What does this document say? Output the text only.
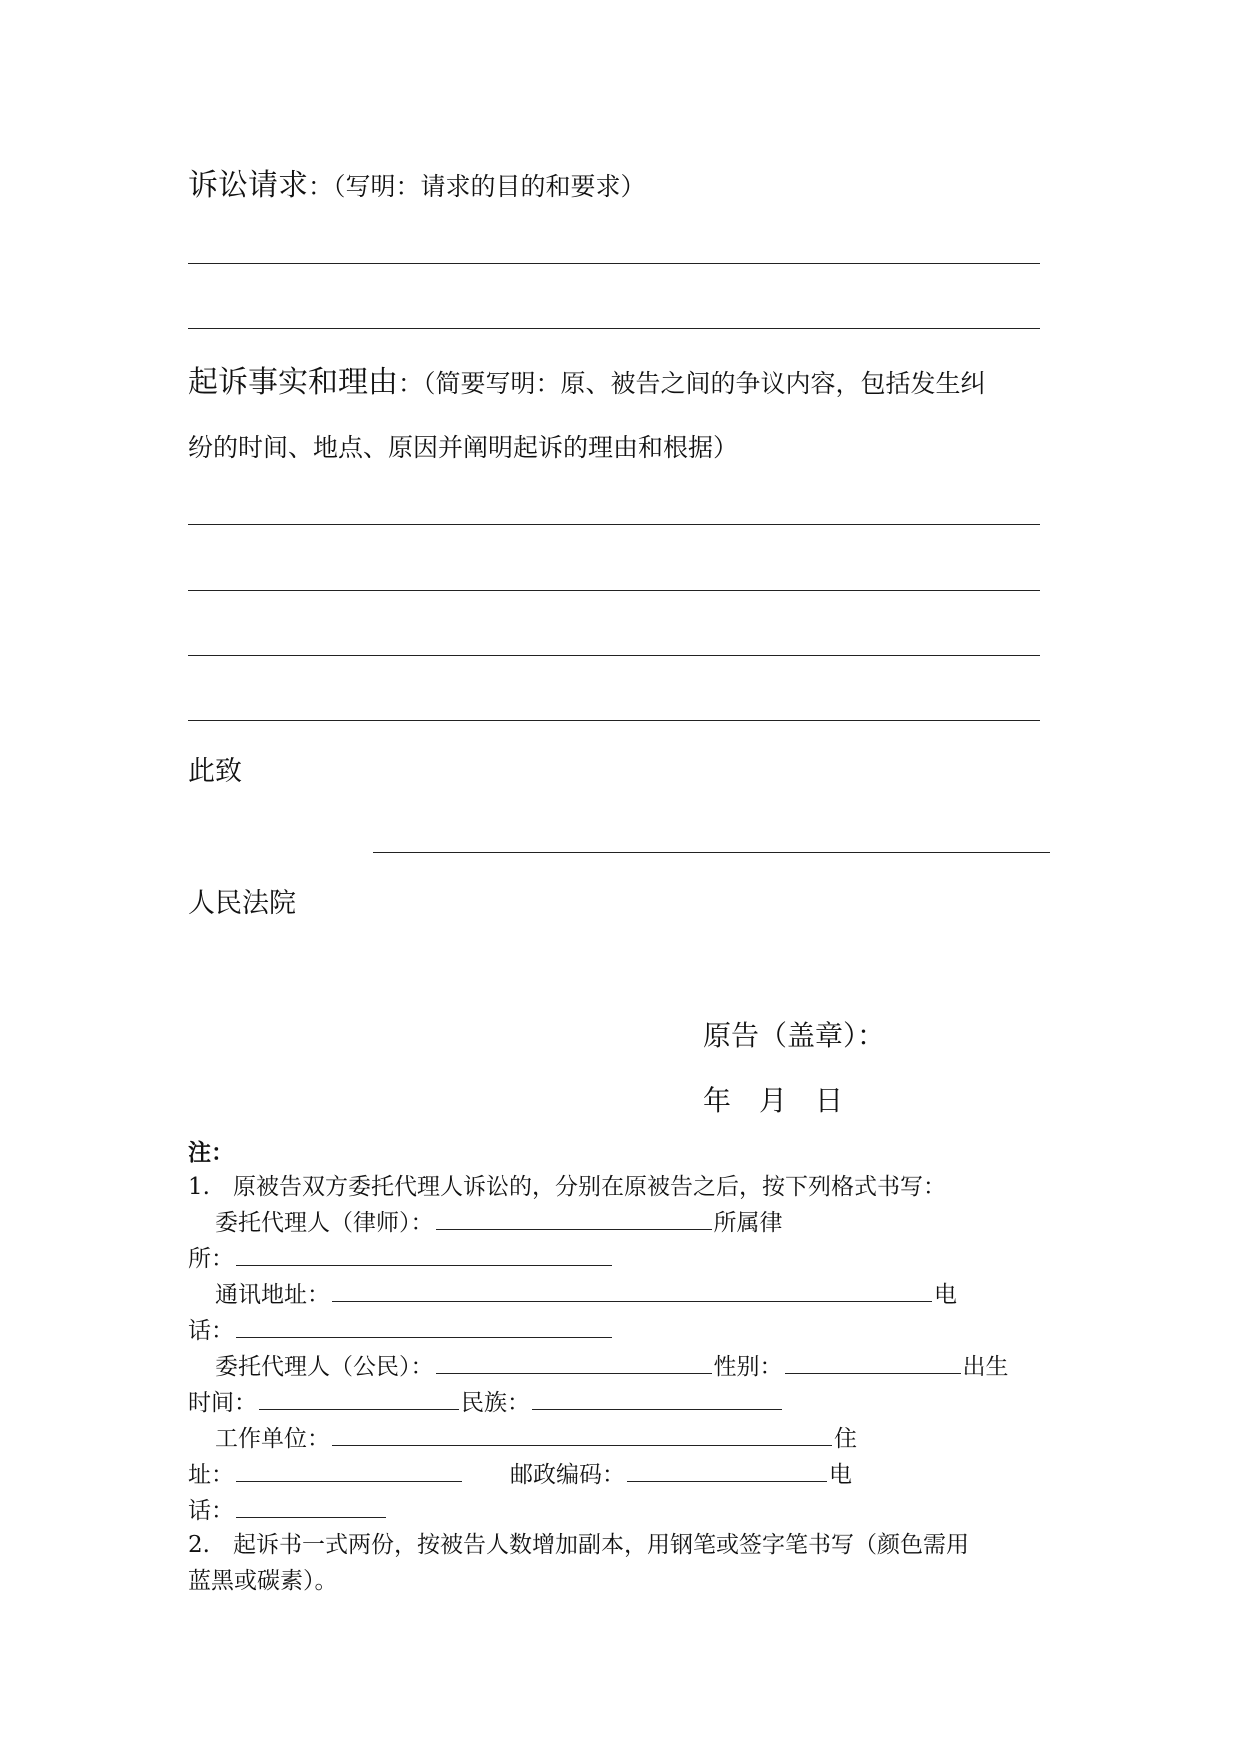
诉讼请求：（写明：请求的目的和要求）
起诉事实和理由：（简要写明：原、被告之间的争议内容，包括发生纠
纷的时间、地点、原因并阐明起诉的理由和根据）
此致
人民法院
原告（盖章）：
年　月　日
注：
1.　原被告双方委托代理人诉讼的，分别在原被告之后，按下列格式书写：
委托代理人（律师）：	所属律
所：
通讯地址：	电
话：
委托代理人（公民）：	性别：	出生
时间：	民族：
工作单位：	住
址：	邮政编码：	电
话：
2.　起诉书一式两份，按被告人数增加副本，用钢笔或签字笔书写（颜色需用
蓝黑或碳素）。
